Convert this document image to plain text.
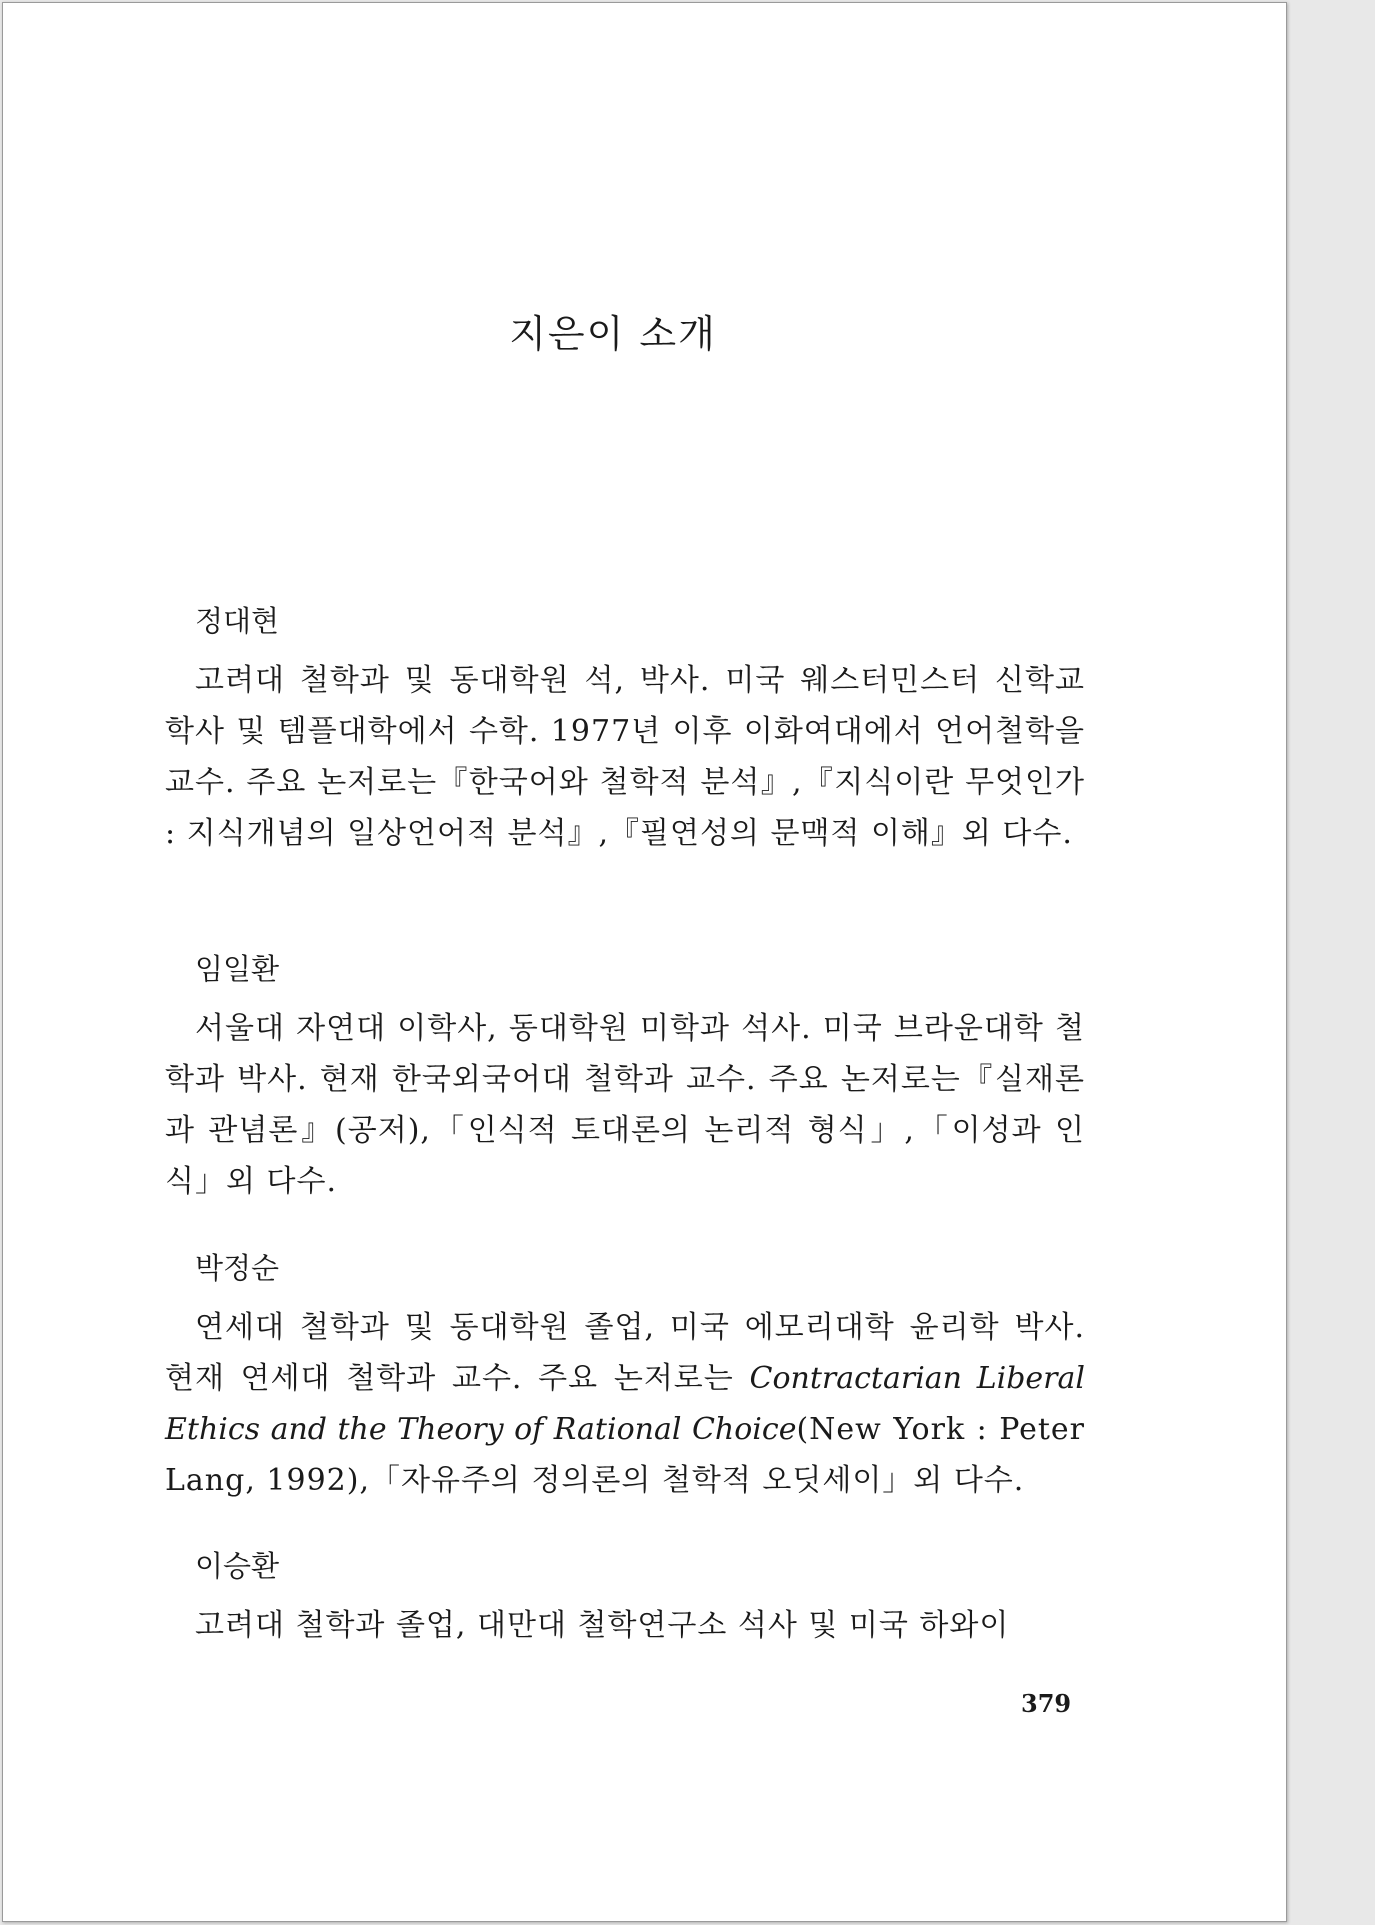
지은이 소개
정대현

고려대 철학과 및 동대학원 석, 박사. 미국 웨스터민스터 신학교 학사 및 템플대학에서 수학. 1977년 이후 이화여대에서 언어철학을 교수. 주요 논저로는『한국어와 철학적 분석』,『지식이란 무엇인가 : 지식개념의 일상언어적 분석』,『필연성의 문맥적 이해』외 다수.

임일환

서울대 자연대 이학사, 동대학원 미학과 석사. 미국 브라운대학 철학과 박사. 현재 한국외국어대 철학과 교수. 주요 논저로는『실재론과 관념론』(공저),「인식적 토대론의 논리적 형식」,「이성과 인식」외 다수.

박정순

연세대 철학과 및 동대학원 졸업, 미국 에모리대학 윤리학 박사. 현재 연세대 철학과 교수. 주요 논저로는 Contractarian Liberal Ethics and the Theory of Rational Choice(New York : Peter Lang, 1992),「자유주의 정의론의 철학적 오딧세이」외 다수.

이승환

고려대 철학과 졸업, 대만대 철학연구소 석사 및 미국 하와이

379
